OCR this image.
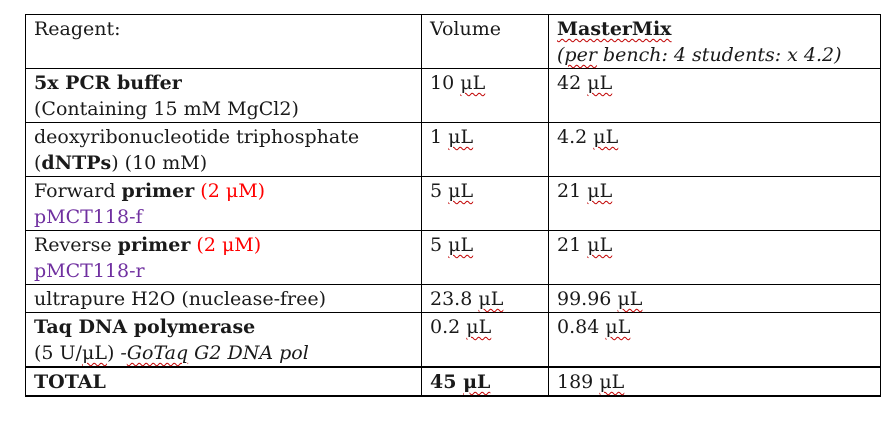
Reagent:	Volume	MasterMix
(per bench: 4 students: x 4.2)

5x PCR buffer
(Containing 15 mM MgCl2)	10 μL	42 μL

deoxyribonucleotide triphosphate
(dNTPs) (10 mM)	1 μL	4.2 μL

Forward primer (2 μM)
pMCT118-f	5 μL	21 μL

Reverse primer (2 μM)
pMCT118-r	5 μL	21 μL
ultrapure H2O (nuclease-free)	23.8 μL	99.96 μL

Taq DNA polymerase
(5 U/μL) -GoTaq G2 DNA pol	0.2 μL	0.84 μL
TOTAL	45 μL	189 μL
